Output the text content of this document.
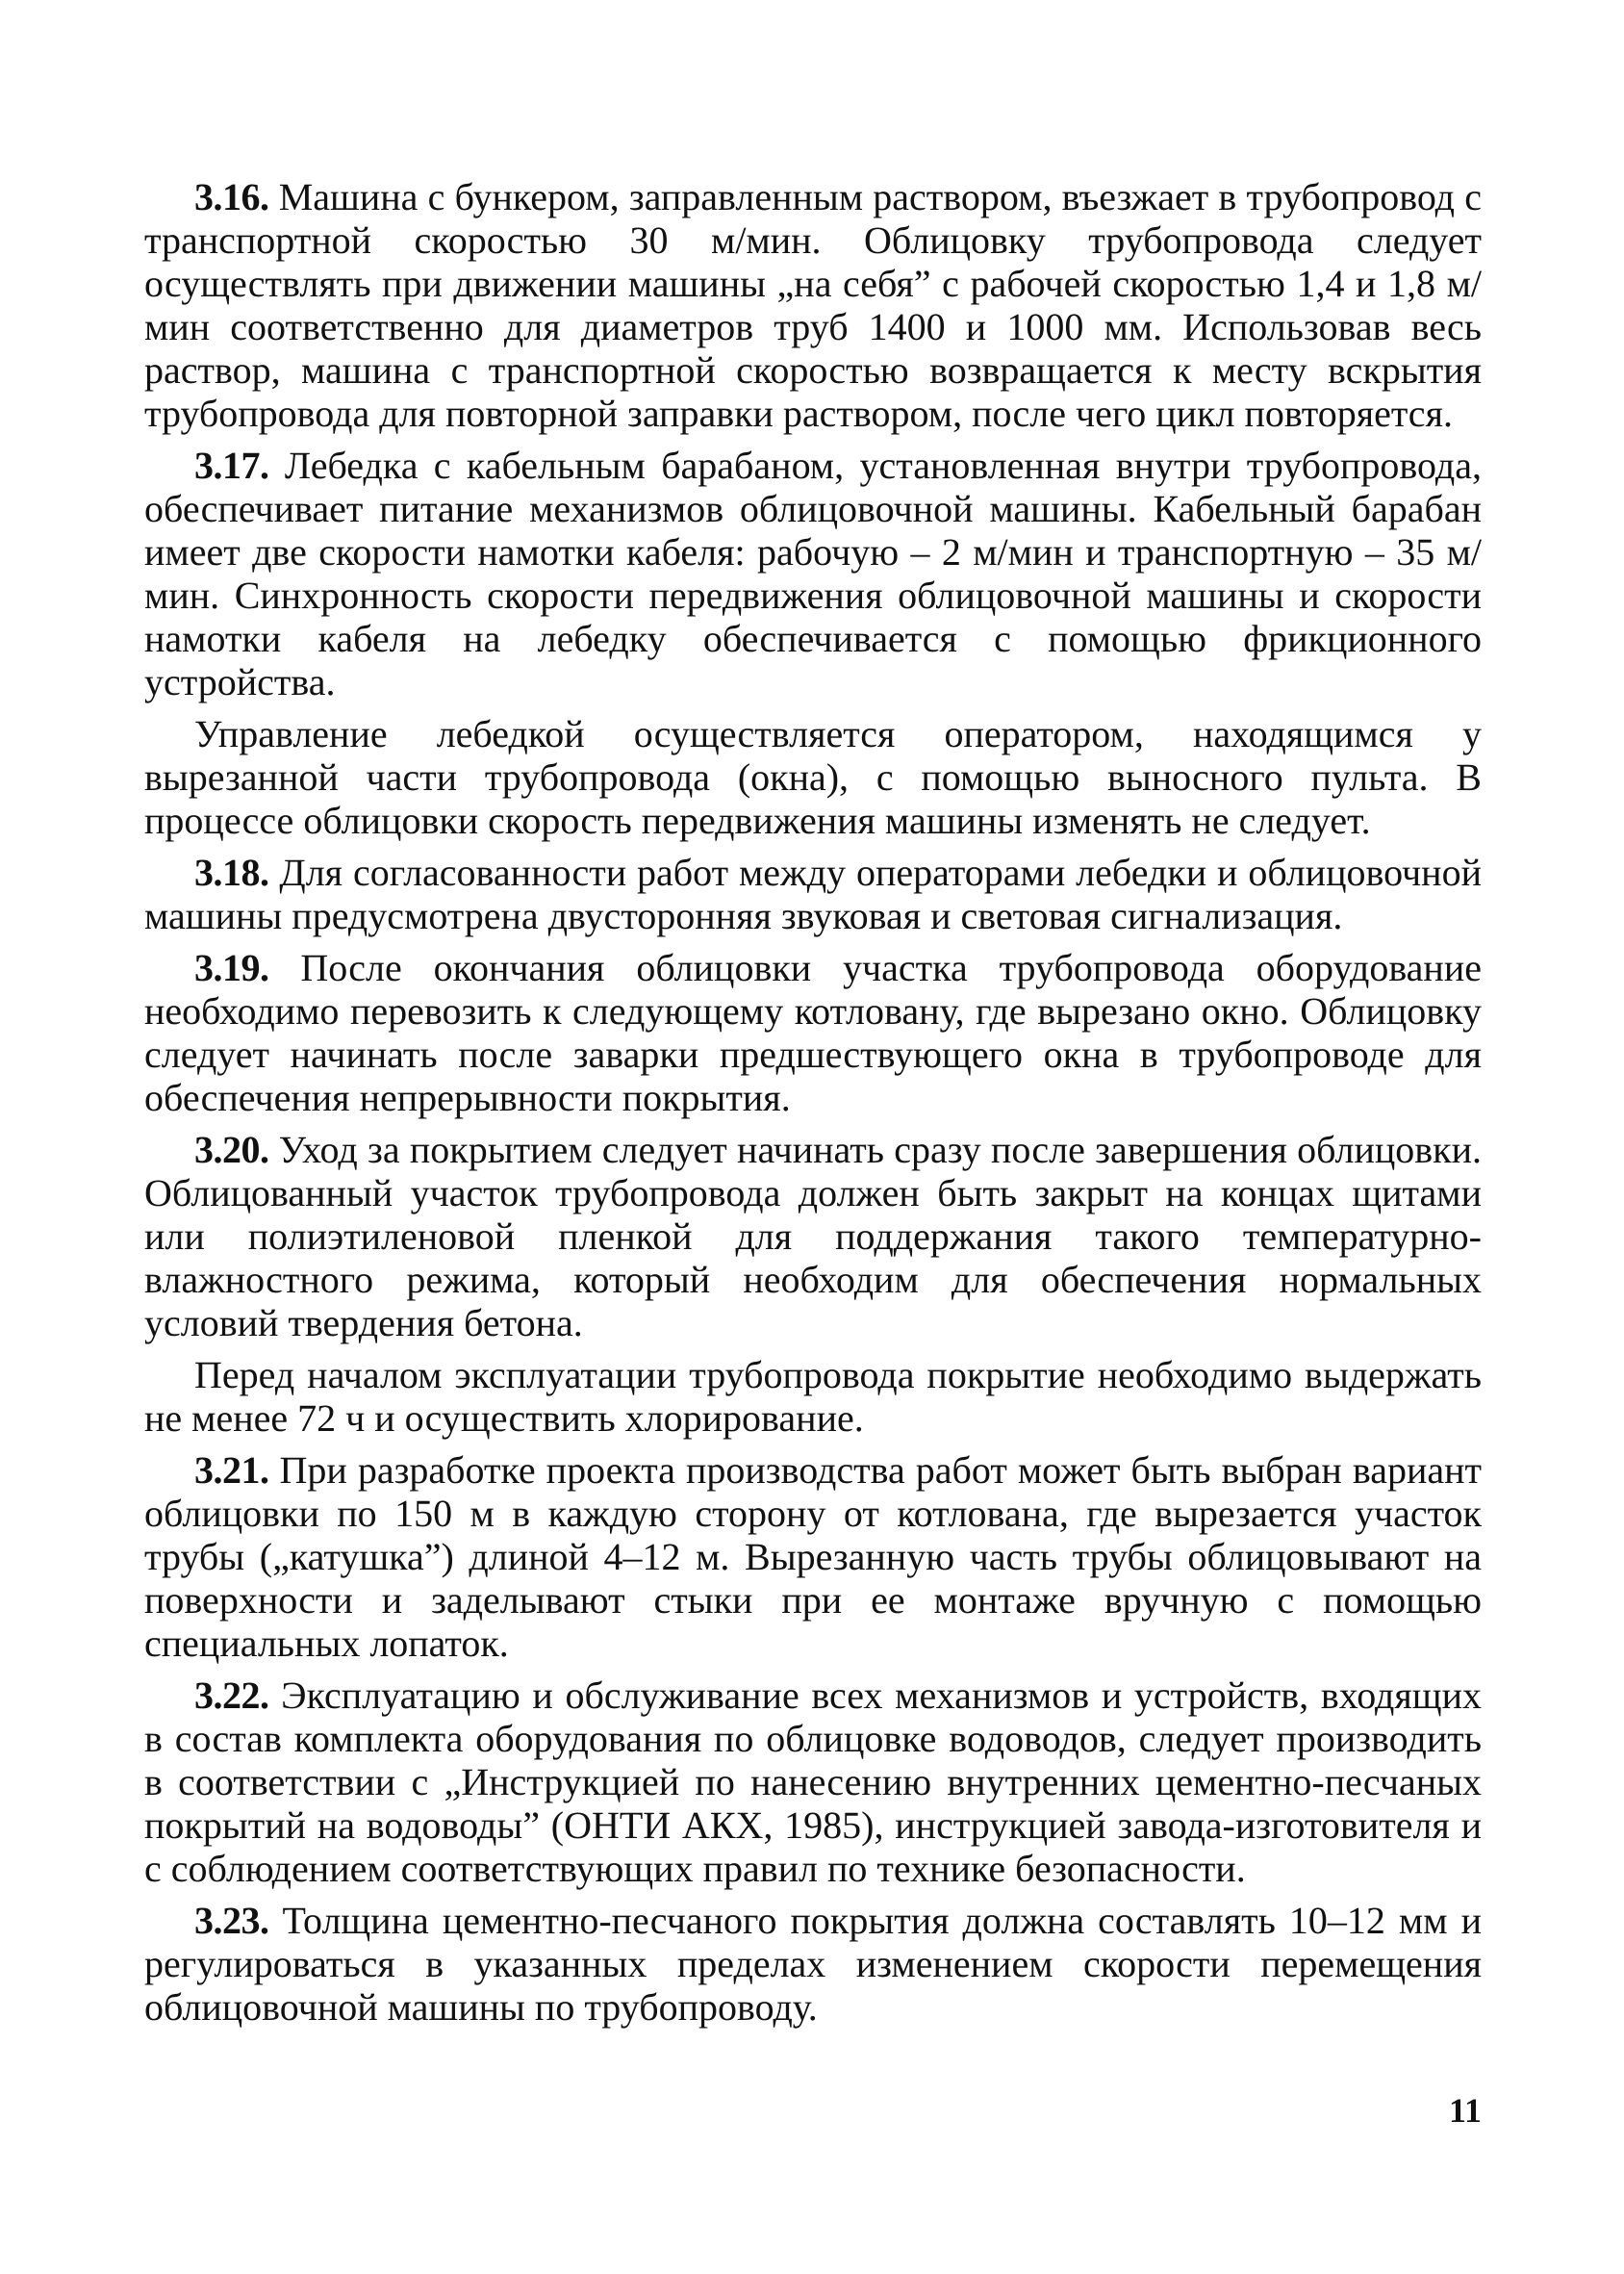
3.16. Машина с бункером, заправленным раствором, въезжает в трубопровод с транспортной скоростью 30 м/мин. Облицовку трубопровода следует осуществлять при движении машины „на себя” с рабочей скоростью 1,4 и 1,8 м/мин соответственно для диаметров труб 1400 и 1000 мм. Использовав весь раствор, машина с транспортной скоростью возвращается к месту вскрытия трубопровода для повторной заправки раствором, после чего цикл повторяется.

3.17. Лебедка с кабельным барабаном, установленная внутри трубопровода, обеспечивает питание механизмов облицовочной машины. Кабельный барабан имеет две скорости намотки кабеля: рабочую – 2 м/мин и транспортную – 35 м/мин. Синхронность скорости передвижения облицовочной машины и скорости намотки кабеля на лебедку обеспечивается с помощью фрикционного устройства.

Управление лебедкой осуществляется оператором, находящимся у вырезанной части трубопровода (окна), с помощью выносного пульта. В процессе облицовки скорость передвижения машины изменять не следует.

3.18. Для согласованности работ между операторами лебедки и облицовочной машины предусмотрена двусторонняя звуковая и световая сигнализация.

3.19. После окончания облицовки участка трубопровода оборудование необходимо перевозить к следующему котловану, где вырезано окно. Облицовку следует начинать после заварки предшествующего окна в трубопроводе для обеспечения непрерывности покрытия.

3.20. Уход за покрытием следует начинать сразу после завершения облицовки. Облицованный участок трубопровода должен быть закрыт на концах щитами или полиэтиленовой пленкой для поддержания такого температурно-влажностного режима, который необходим для обеспечения нормальных условий твердения бетона.

Перед началом эксплуатации трубопровода покрытие необходимо выдержать не менее 72 ч и осуществить хлорирование.

3.21. При разработке проекта производства работ может быть выбран вариант облицовки по 150 м в каждую сторону от котлована, где вырезается участок трубы („катушка”) длиной 4–12 м. Вырезанную часть трубы облицовывают на поверхности и заделывают стыки при ее монтаже вручную с помощью специальных лопаток.

3.22. Эксплуатацию и обслуживание всех механизмов и устройств, входящих в состав комплекта оборудования по облицовке водоводов, следует производить в соответствии с „Инструкцией по нанесению внутренних цементно-песчаных покрытий на водоводы” (ОНТИ АКХ, 1985), инструкцией завода-изготовителя и с соблюдением соответствующих правил по технике безопасности.

3.23. Толщина цементно-песчаного покрытия должна составлять 10–12 мм и регулироваться в указанных пределах изменением скорости перемещения облицовочной машины по трубопроводу.

11
